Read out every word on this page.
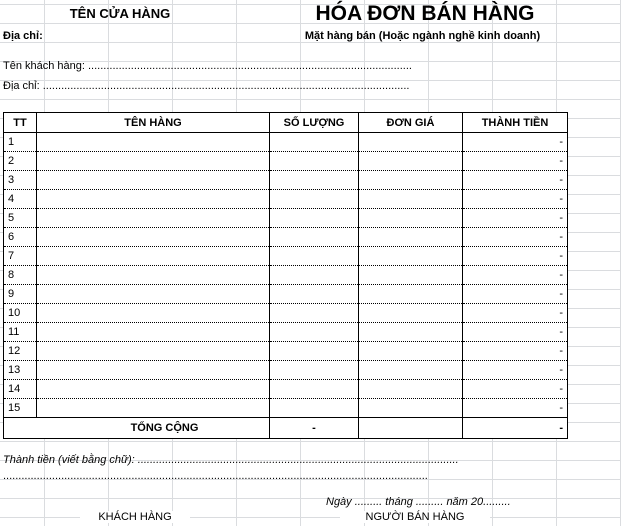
TÊN CỬA HÀNG	HÓA ĐƠN BÁN HÀNG
Địa chỉ:	Mặt hàng bán (Hoặc ngành nghề kinh doanh)
Tên khách hàng: ..........................................................................................................
Địa chỉ: ........................................................................................................................
TT	TÊN HÀNG	SỐ LƯỢNG	ĐƠN GIÁ	THÀNH TIỀN
1				-
2				-
3				-
4				-
5				-
6				-
7				-
8				-
9				-
10				-
11				-
12				-
13				-
14				-
15				-
TỔNG CỘNG		-		-
Thành tiền (viết bằng chữ): .........................................................................................................
...........................................................................................................................................
Ngày ......... tháng ......... năm 20.........
KHÁCH HÀNG	NGƯỜI BÁN HÀNG
